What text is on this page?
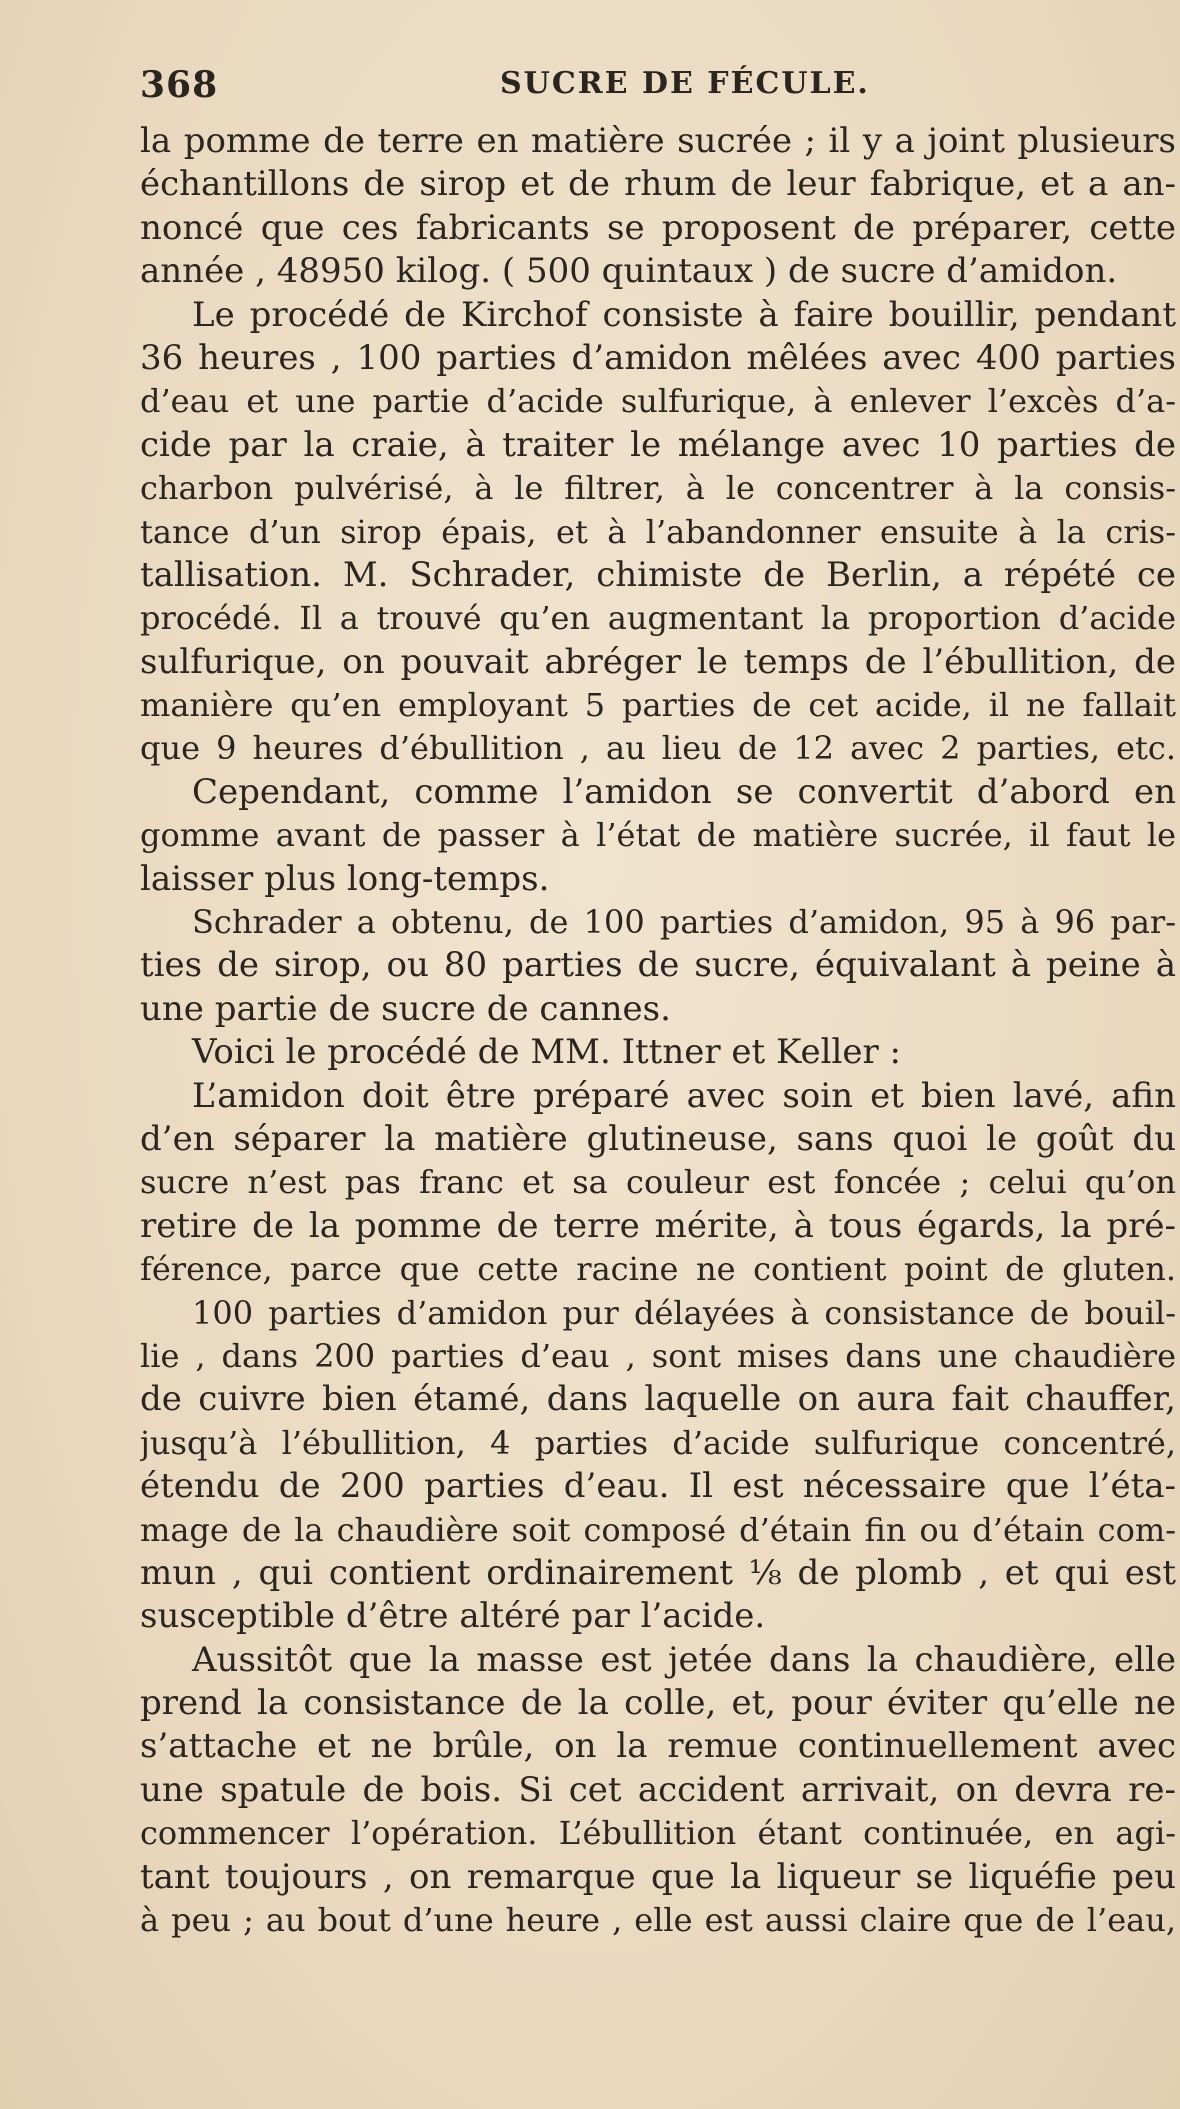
368	SUCRE DE FÉCULE.
la pomme de terre en matière sucrée ; il y a joint plusieurs
échantillons de sirop et de rhum de leur fabrique, et a an-
noncé que ces fabricants se proposent de préparer, cette
année , 48950 kilog. ( 500 quintaux ) de sucre d’amidon.
Le procédé de Kirchof consiste à faire bouillir, pendant
36 heures , 100 parties d’amidon mêlées avec 400 parties
d’eau et une partie d’acide sulfurique, à enlever l’excès d’a-
cide par la craie, à traiter le mélange avec 10 parties de
charbon pulvérisé, à le filtrer, à le concentrer à la consis-
tance d’un sirop épais, et à l’abandonner ensuite à la cris-
tallisation. M. Schrader, chimiste de Berlin, a répété ce
procédé. Il a trouvé qu’en augmentant la proportion d’acide
sulfurique, on pouvait abréger le temps de l’ébullition, de
manière qu’en employant 5 parties de cet acide, il ne fallait
que 9 heures d’ébullition , au lieu de 12 avec 2 parties, etc.
Cependant, comme l’amidon se convertit d’abord en
gomme avant de passer à l’état de matière sucrée, il faut le
laisser plus long-temps.
Schrader a obtenu, de 100 parties d’amidon, 95 à 96 par-
ties de sirop, ou 80 parties de sucre, équivalant à peine à
une partie de sucre de cannes.
Voici le procédé de MM. Ittner et Keller :
L’amidon doit être préparé avec soin et bien lavé, afin
d’en séparer la matière glutineuse, sans quoi le goût du
sucre n’est pas franc et sa couleur est foncée ; celui qu’on
retire de la pomme de terre mérite, à tous égards, la pré-
férence, parce que cette racine ne contient point de gluten.
100 parties d’amidon pur délayées à consistance de bouil-
lie , dans 200 parties d’eau , sont mises dans une chaudière
de cuivre bien étamé, dans laquelle on aura fait chauffer,
jusqu’à l’ébullition, 4 parties d’acide sulfurique concentré,
étendu de 200 parties d’eau. Il est nécessaire que l’éta-
mage de la chaudière soit composé d’étain fin ou d’étain com-
mun , qui contient ordinairement ⅛ de plomb , et qui est
susceptible d’être altéré par l’acide.
Aussitôt que la masse est jetée dans la chaudière, elle
prend la consistance de la colle, et, pour éviter qu’elle ne
s’attache et ne brûle, on la remue continuellement avec
une spatule de bois. Si cet accident arrivait, on devra re-
commencer l’opération. L’ébullition étant continuée, en agi-
tant toujours , on remarque que la liqueur se liquéfie peu
à peu ; au bout d’une heure , elle est aussi claire que de l’eau,
